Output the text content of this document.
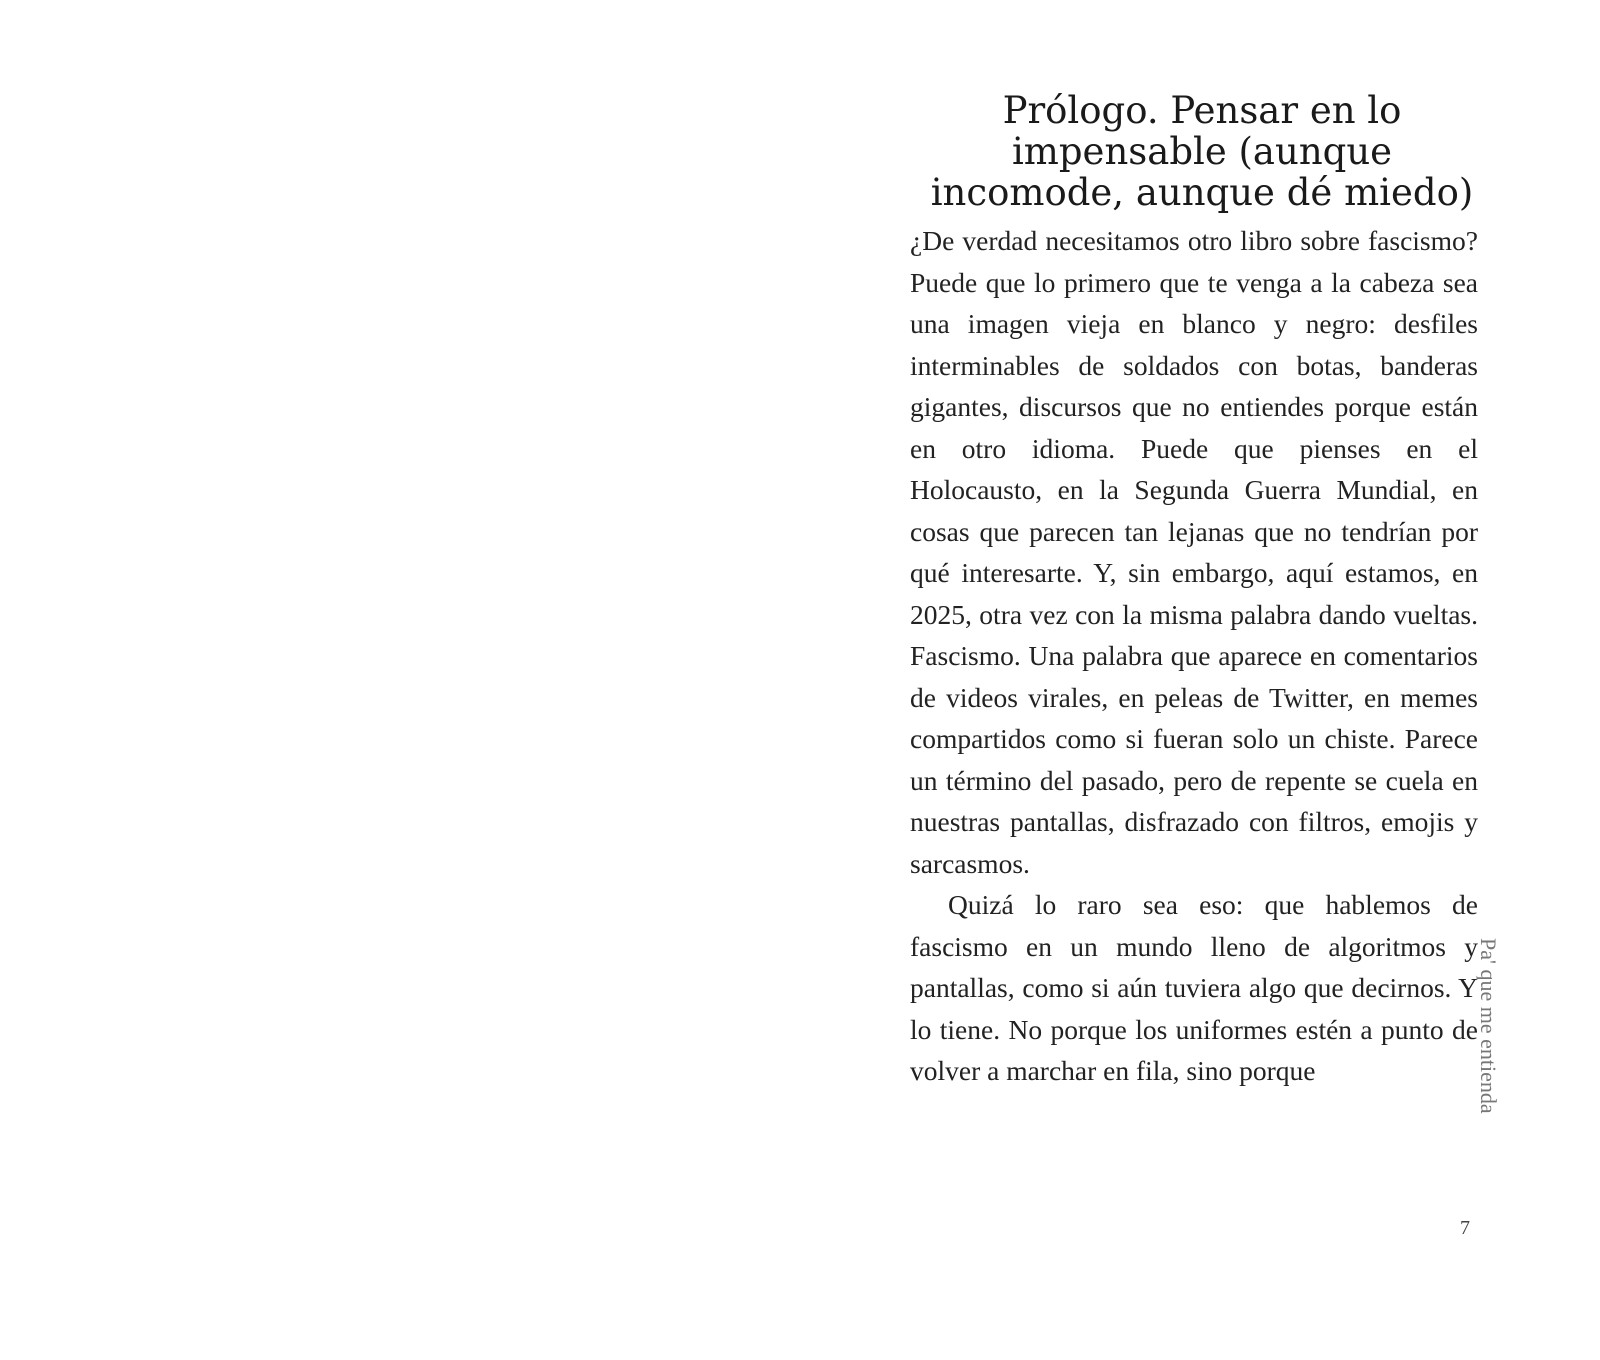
Prólogo. Pensar en lo impensable (aunque incomode, aunque dé miedo)

¿De verdad necesitamos otro libro sobre fascismo? Puede que lo primero que te venga a la cabeza sea una imagen vieja en blanco y negro: desfiles interminables de soldados con botas, banderas gigantes, discursos que no entiendes porque están en otro idioma. Puede que pienses en el Holocausto, en la Segunda Guerra Mundial, en cosas que parecen tan lejanas que no tendrían por qué interesarte. Y, sin embargo, aquí estamos, en 2025, otra vez con la misma palabra dando vueltas. Fascismo. Una palabra que aparece en comentarios de videos virales, en peleas de Twitter, en memes compartidos como si fueran solo un chiste. Parece un término del pasado, pero de repente se cuela en nuestras pantallas, disfrazado con filtros, emojis y sarcasmos.

Quizá lo raro sea eso: que hablemos de fascismo en un mundo lleno de algoritmos y pantallas, como si aún tuviera algo que decirnos. Y lo tiene. No porque los uniformes estén a punto de volver a marchar en fila, sino porque	Pa' que me entienda
7
